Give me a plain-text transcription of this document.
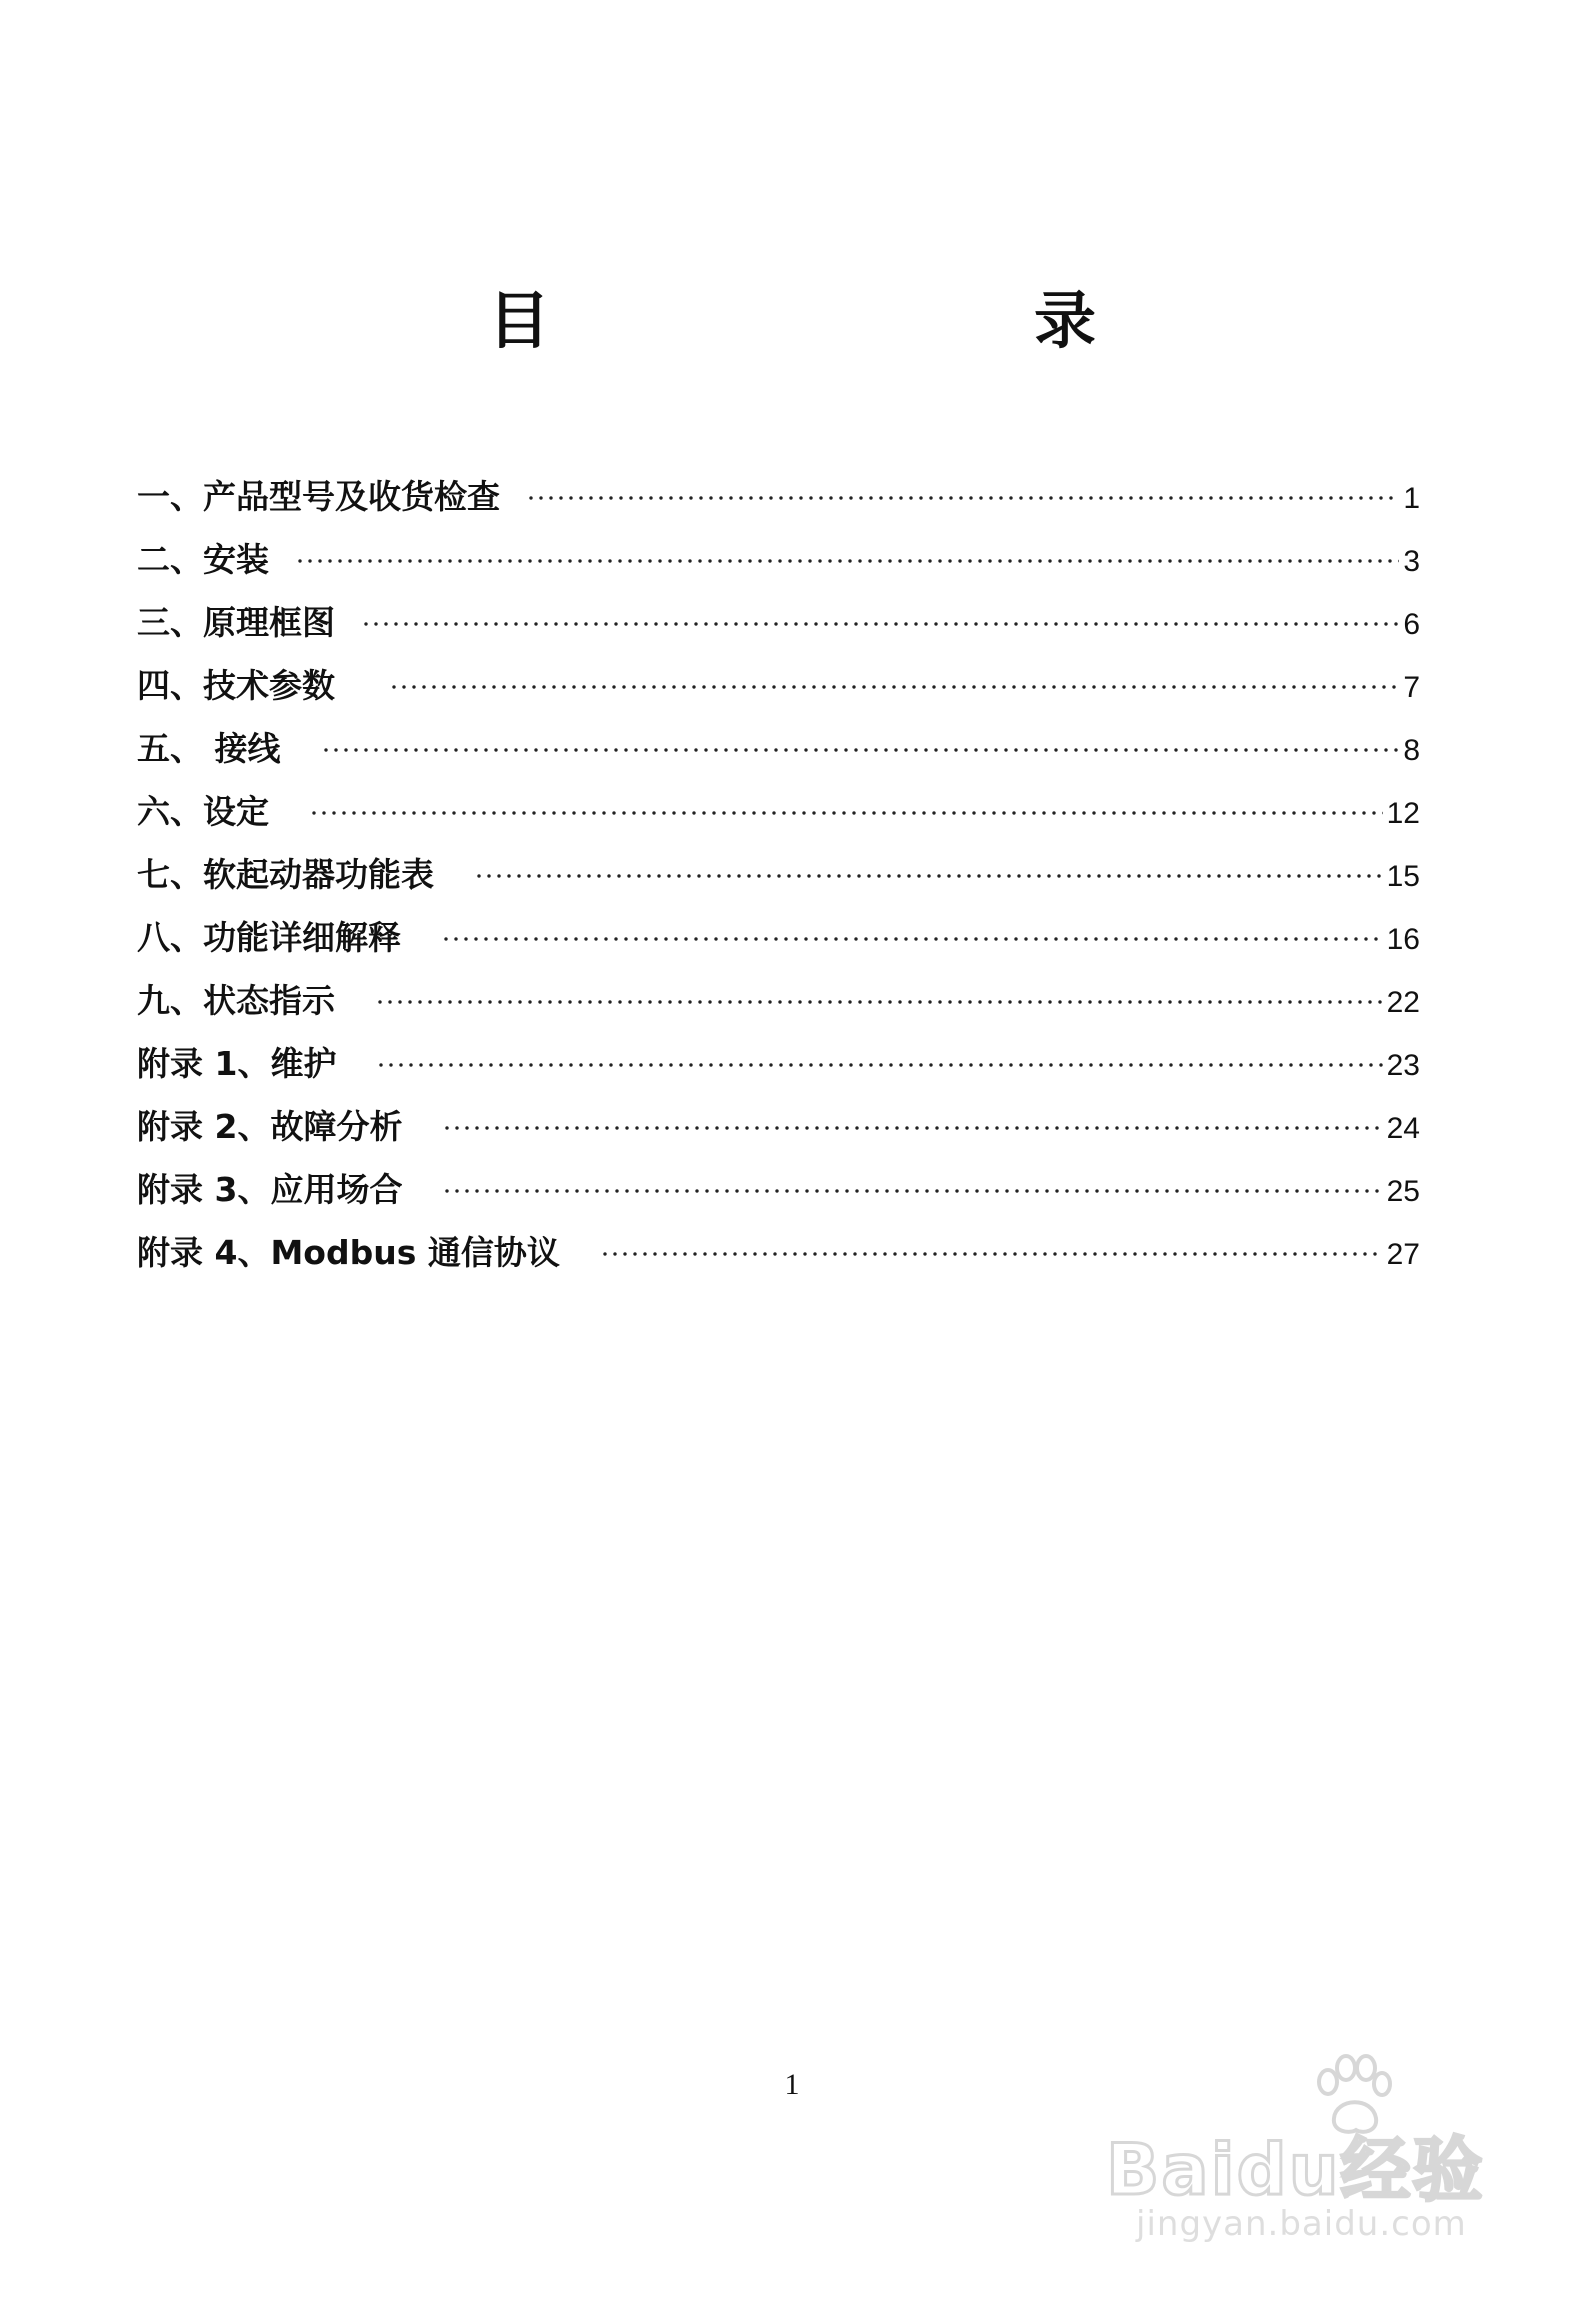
目　　录
一、产品型号及收货检查	1
二、安装	3
三、原理框图	6
四、技术参数	7
五、 接线	8
六、设定	12
七、软起动器功能表	15
八、功能详细解释	16
九、状态指示	22
附录 1、维护	23
附录 2、故障分析	24
附录 3、应用场合	25
附录 4、Modbus 通信协议	27
1
Baidu经验
jingyan.baidu.com
